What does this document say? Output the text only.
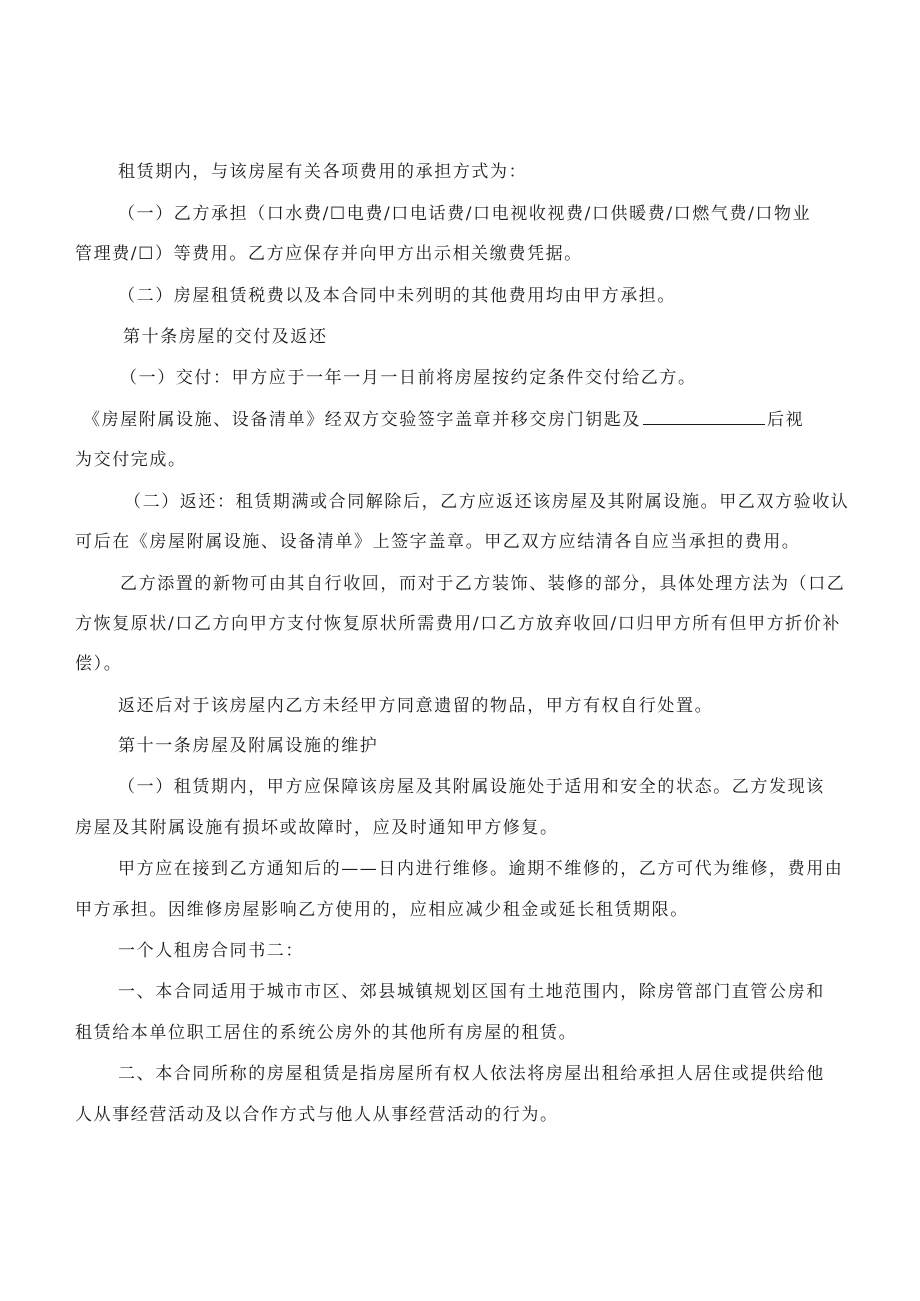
租赁期内，与该房屋有关各项费用的承担方式为：
（一）乙方承担（口水费/☐电费/口电话费/口电视收视费/口供暖费/口燃气费/口物业
管理费/☐）等费用。乙方应保存并向甲方出示相关缴费凭据。
（二）房屋租赁税费以及本合同中未列明的其他费用均由甲方承担。
第十条房屋的交付及返还
（一）交付：甲方应于一年一月一日前将房屋按约定条件交付给乙方。
《房屋附属设施、设备清单》经双方交验签字盖章并移交房门钥匙及	后视
为交付完成。
（二）返还：租赁期满或合同解除后，乙方应返还该房屋及其附属设施。甲乙双方验收认
可后在《房屋附属设施、设备清单》上签字盖章。甲乙双方应结清各自应当承担的费用。
乙方添置的新物可由其自行收回，而对于乙方装饰、装修的部分，具体处理方法为（口乙
方恢复原状/口乙方向甲方支付恢复原状所需费用/口乙方放弃收回/口归甲方所有但甲方折价补
偿）。
返还后对于该房屋内乙方未经甲方同意遗留的物品，甲方有权自行处置。
第十一条房屋及附属设施的维护
（一）租赁期内，甲方应保障该房屋及其附属设施处于适用和安全的状态。乙方发现该
房屋及其附属设施有损坏或故障时，应及时通知甲方修复。
甲方应在接到乙方通知后的——日内进行维修。逾期不维修的，乙方可代为维修，费用由
甲方承担。因维修房屋影响乙方使用的，应相应减少租金或延长租赁期限。
一个人租房合同书二：
一、本合同适用于城市市区、郊县城镇规划区国有土地范围内，除房管部门直管公房和
租赁给本单位职工居住的系统公房外的其他所有房屋的租赁。
二、本合同所称的房屋租赁是指房屋所有权人依法将房屋出租给承担人居住或提供给他
人从事经营活动及以合作方式与他人从事经营活动的行为。
